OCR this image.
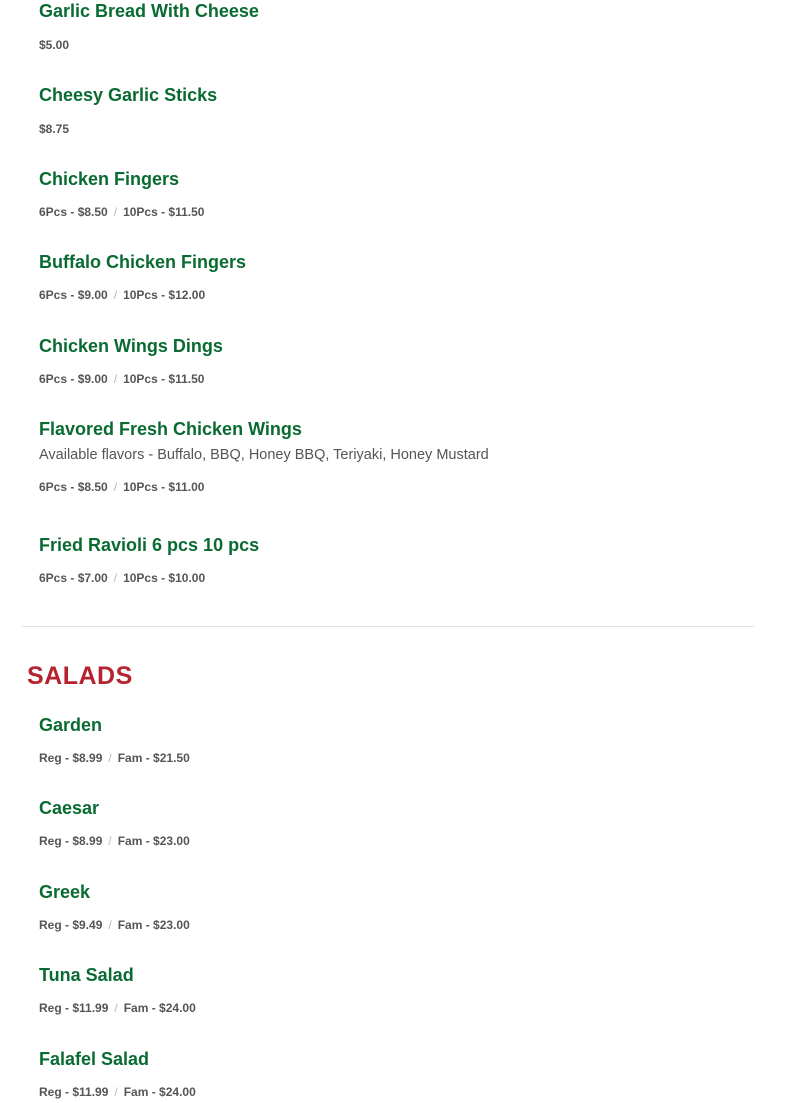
Garlic Bread With Cheese
$5.00
Cheesy Garlic Sticks
$8.75
Chicken Fingers
6Pcs - $8.50 / 10Pcs - $11.50
Buffalo Chicken Fingers
6Pcs - $9.00 / 10Pcs - $12.00
Chicken Wings Dings
6Pcs - $9.00 / 10Pcs - $11.50
Flavored Fresh Chicken Wings
Available flavors - Buffalo, BBQ, Honey BBQ, Teriyaki, Honey Mustard
6Pcs - $8.50 / 10Pcs - $11.00
Fried Ravioli 6 pcs 10 pcs
6Pcs - $7.00 / 10Pcs - $10.00
SALADS
Garden
Reg - $8.99 / Fam - $21.50
Caesar
Reg - $8.99 / Fam - $23.00
Greek
Reg - $9.49 / Fam - $23.00
Tuna Salad
Reg - $11.99 / Fam - $24.00
Falafel Salad
Reg - $11.99 / Fam - $24.00
